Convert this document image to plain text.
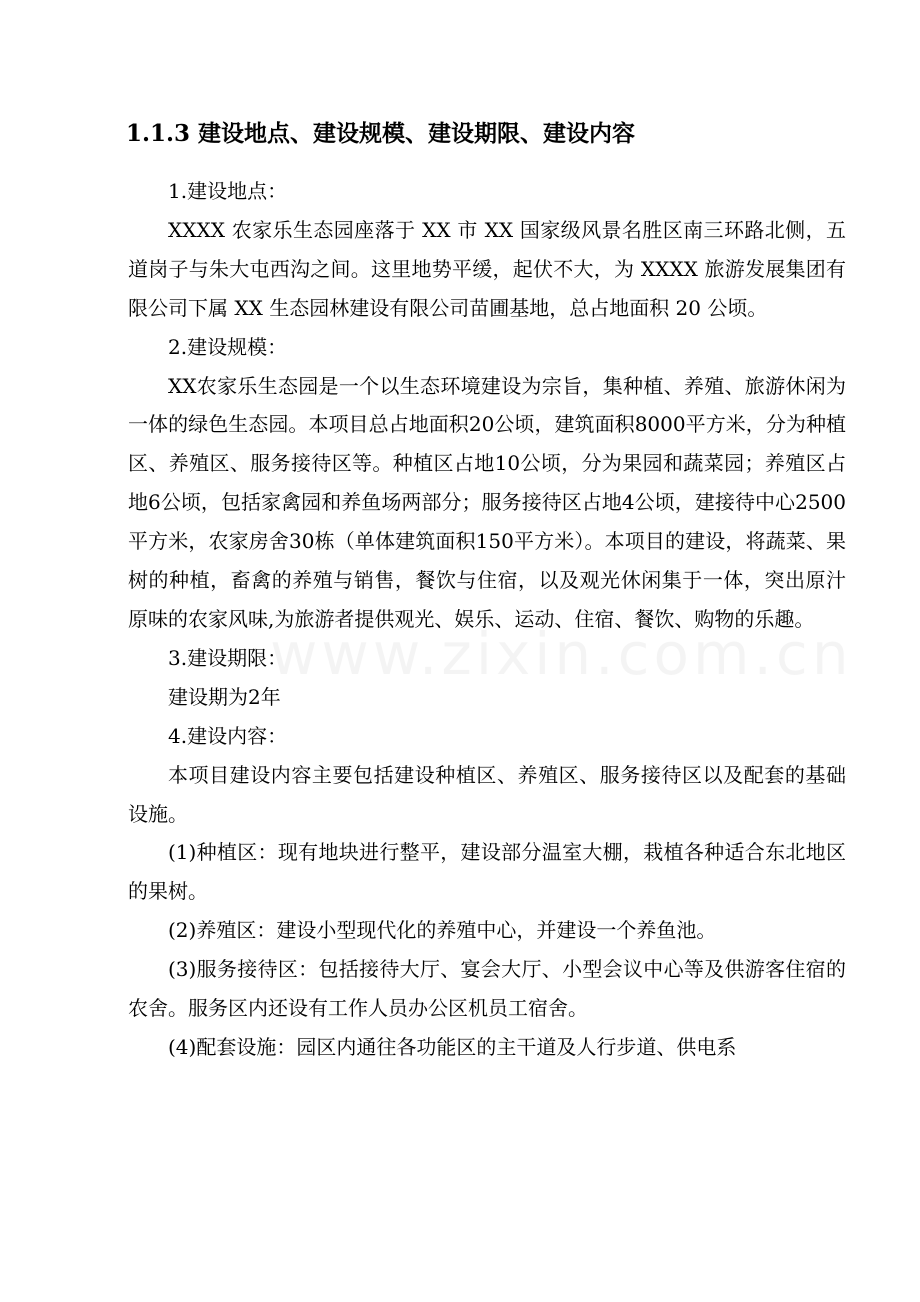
1.1.3 建设地点、建设规模、建设期限、建设内容

1.建设地点：

XXXX 农家乐生态园座落于 XX 市 XX 国家级风景名胜区南三环路北侧，五道岗子与朱大屯西沟之间。这里地势平缓，起伏不大，为 XXXX 旅游发展集团有限公司下属 XX 生态园林建设有限公司苗圃基地，总占地面积 20 公顷。

2.建设规模：

XX农家乐生态园是一个以生态环境建设为宗旨，集种植、养殖、旅游休闲为一体的绿色生态园。本项目总占地面积20公顷，建筑面积8000平方米，分为种植区、养殖区、服务接待区等。种植区占地10公顷，分为果园和蔬菜园；养殖区占地6公顷，包括家禽园和养鱼场两部分；服务接待区占地4公顷，建接待中心2500平方米，农家房舍30栋（单体建筑面积150平方米）。本项目的建设，将蔬菜、果树的种植，畜禽的养殖与销售，餐饮与住宿，以及观光休闲集于一体，突出原汁原味的农家风味,为旅游者提供观光、娱乐、运动、住宿、餐饮、购物的乐趣。

3.建设期限：

建设期为2年

4.建设内容：

本项目建设内容主要包括建设种植区、养殖区、服务接待区以及配套的基础设施。

(1)种植区：现有地块进行整平，建设部分温室大棚，栽植各种适合东北地区的果树。

(2)养殖区：建设小型现代化的养殖中心，并建设一个养鱼池。

(3)服务接待区：包括接待大厅、宴会大厅、小型会议中心等及供游客住宿的农舍。服务区内还设有工作人员办公区机员工宿舍。

(4)配套设施：园区内通往各功能区的主干道及人行步道、供电系
